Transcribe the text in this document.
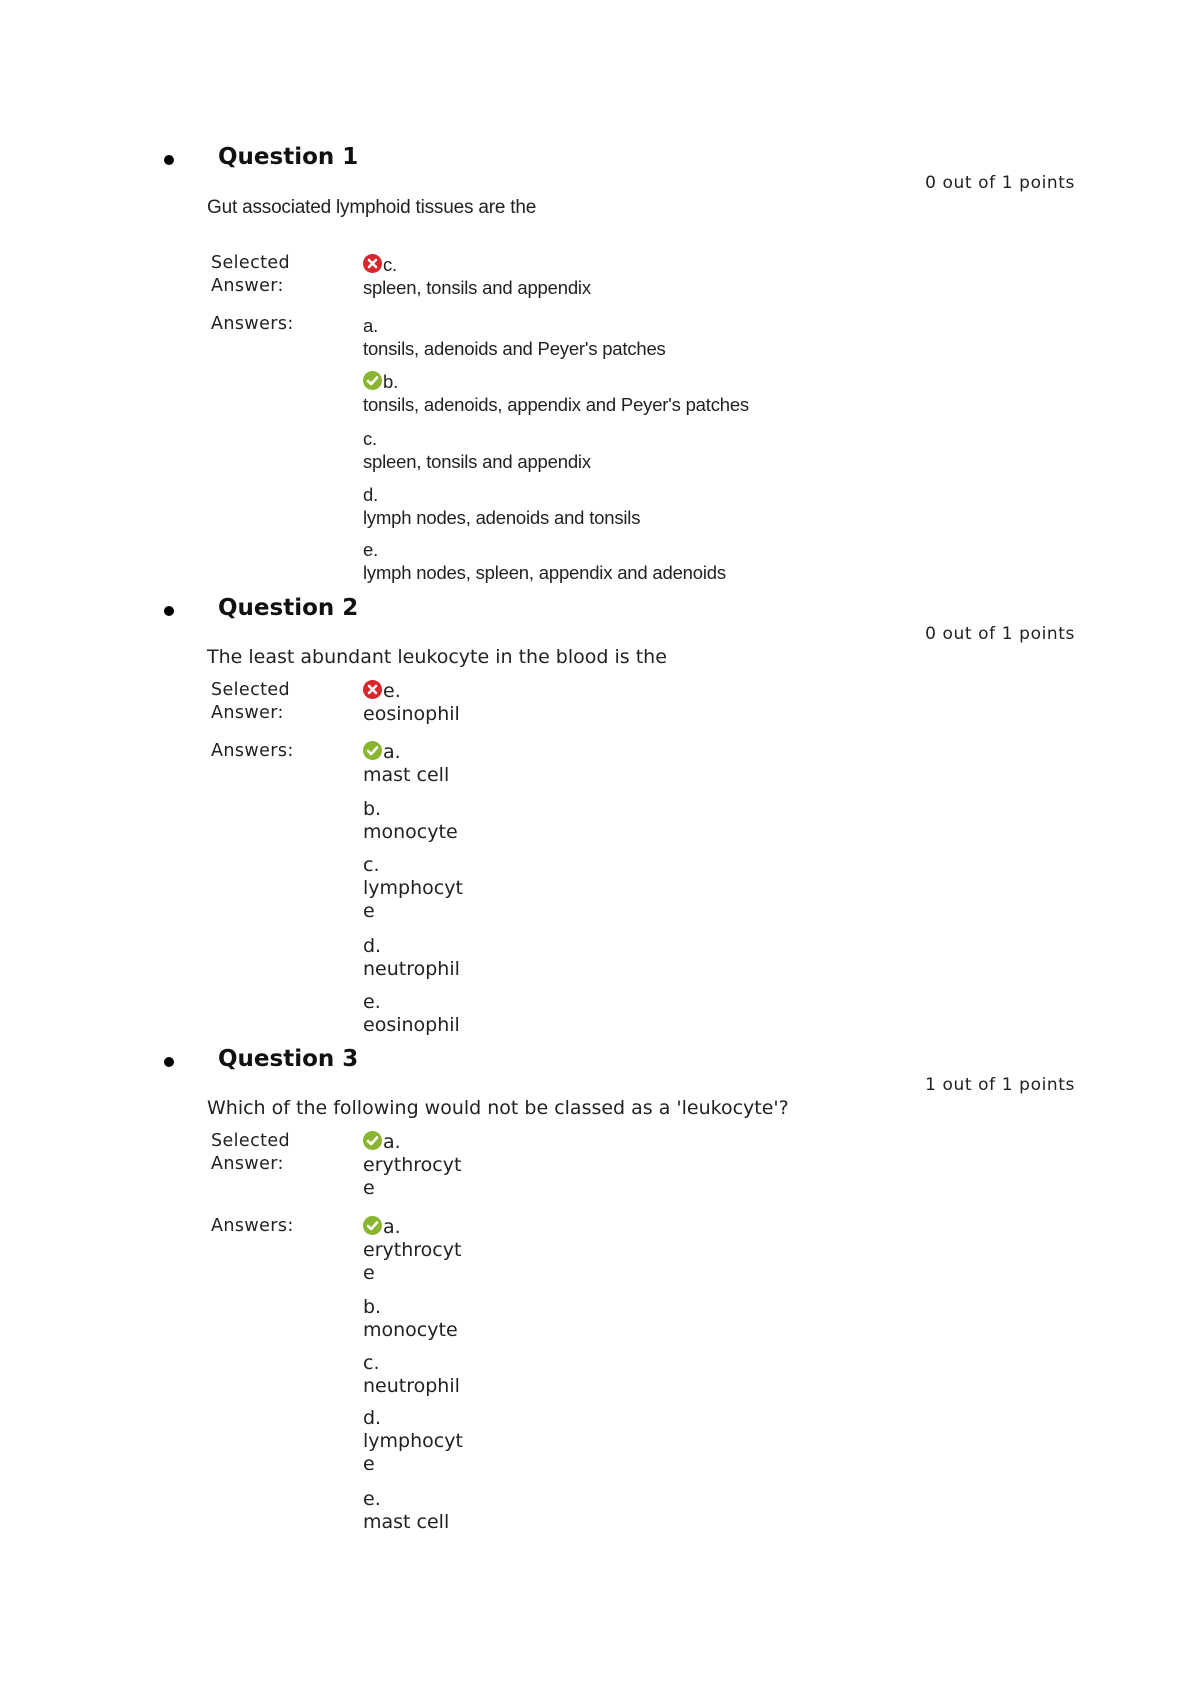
Question 1
0 out of 1 points
Gut associated lymphoid tissues are the
Selected
Answer:
c.
spleen, tonsils and appendix
Answers:	a.
tonsils, adenoids and Peyer's patches
b.
tonsils, adenoids, appendix and Peyer's patches
c.
spleen, tonsils and appendix
d.
lymph nodes, adenoids and tonsils
e.
lymph nodes, spleen, appendix and adenoids
Question 2
0 out of 1 points
The least abundant leukocyte in the blood is the
Selected
Answer:
e.
eosinophil
Answers:	a.
mast cell
b.
monocyte
c.
lymphocyte
d.
neutrophil
e.
eosinophil
Question 3
1 out of 1 points
Which of the following would not be classed as a 'leukocyte'?
Selected
Answer:
a.
erythrocyte
Answers:	a.
erythrocyte
b.
monocyte
c.
neutrophil
d.
lymphocyte
e.
mast cell
